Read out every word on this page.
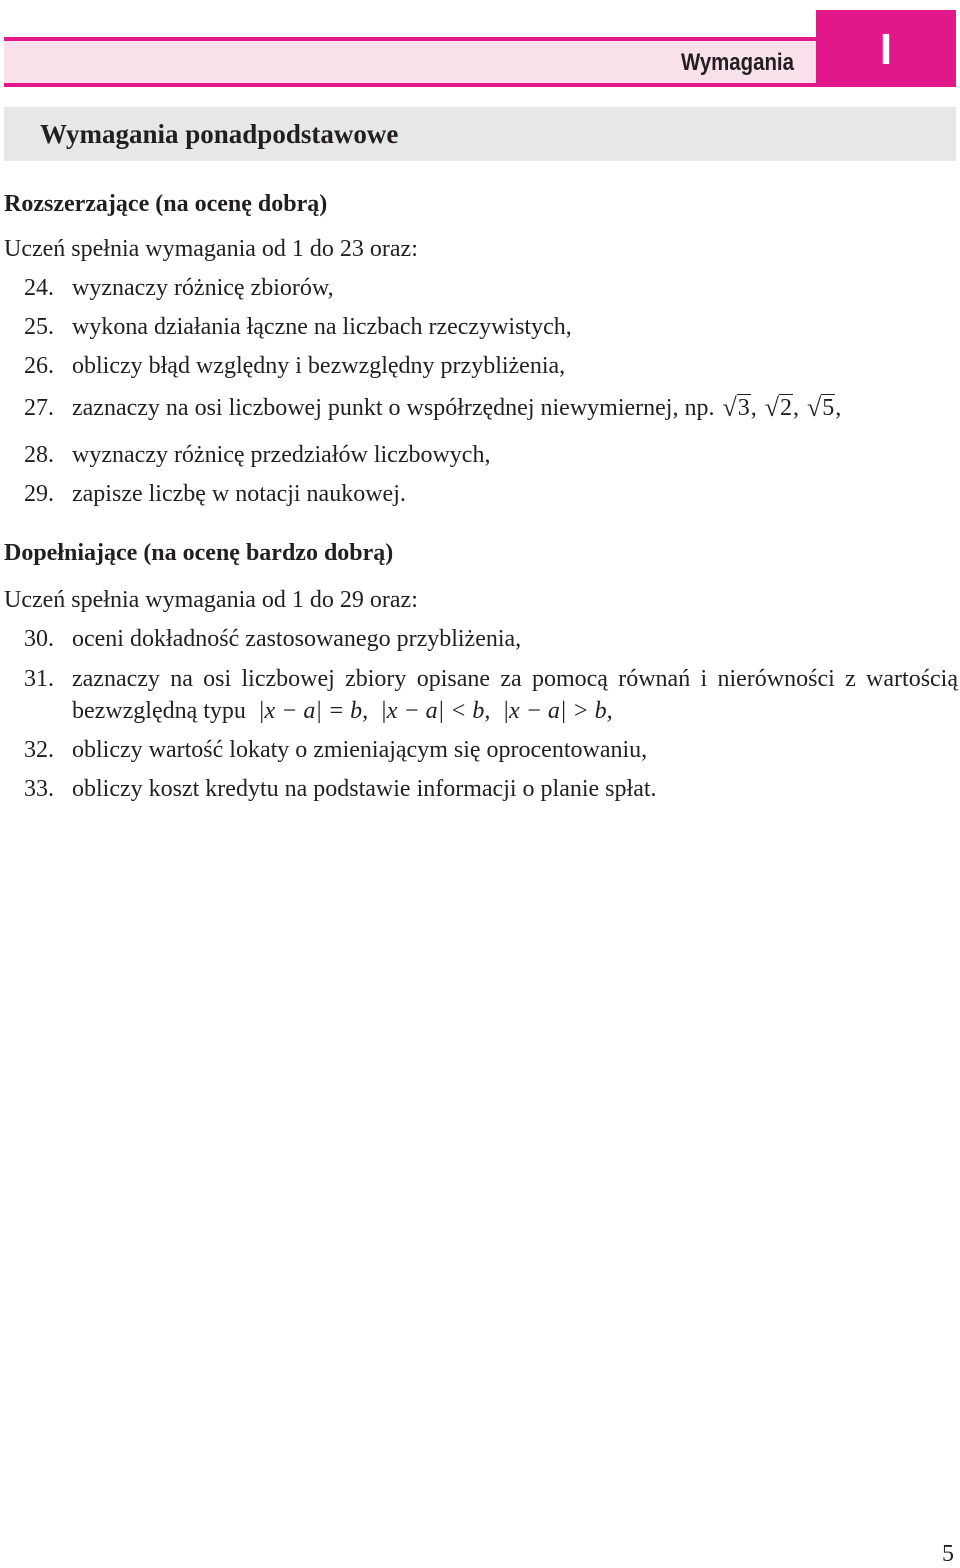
Wymagania	I
Wymagania ponadpodstawowe
Rozszerzające (na ocenę dobrą)
Uczeń spełnia wymagania od 1 do 23 oraz:
24. wyznaczy różnicę zbiorów,
25. wykona działania łączne na liczbach rzeczywistych,
26. obliczy błąd względny i bezwzględny przybliżenia,
27. zaznaczy na osi liczbowej punkt o współrzędnej niewymiernej, np. √3, √2, √5,
28. wyznaczy różnicę przedziałów liczbowych,
29. zapisze liczbę w notacji naukowej.
Dopełniające (na ocenę bardzo dobrą)
Uczeń spełnia wymagania od 1 do 29 oraz:
30. oceni dokładność zastosowanego przybliżenia,
31. zaznaczy na osi liczbowej zbiory opisane za pomocą równań i nierówności z wartością bezwzględną typu |x − a| = b, |x − a| < b, |x − a| > b,
32. obliczy wartość lokaty o zmieniającym się oprocentowaniu,
33. obliczy koszt kredytu na podstawie informacji o planie spłat.
5
